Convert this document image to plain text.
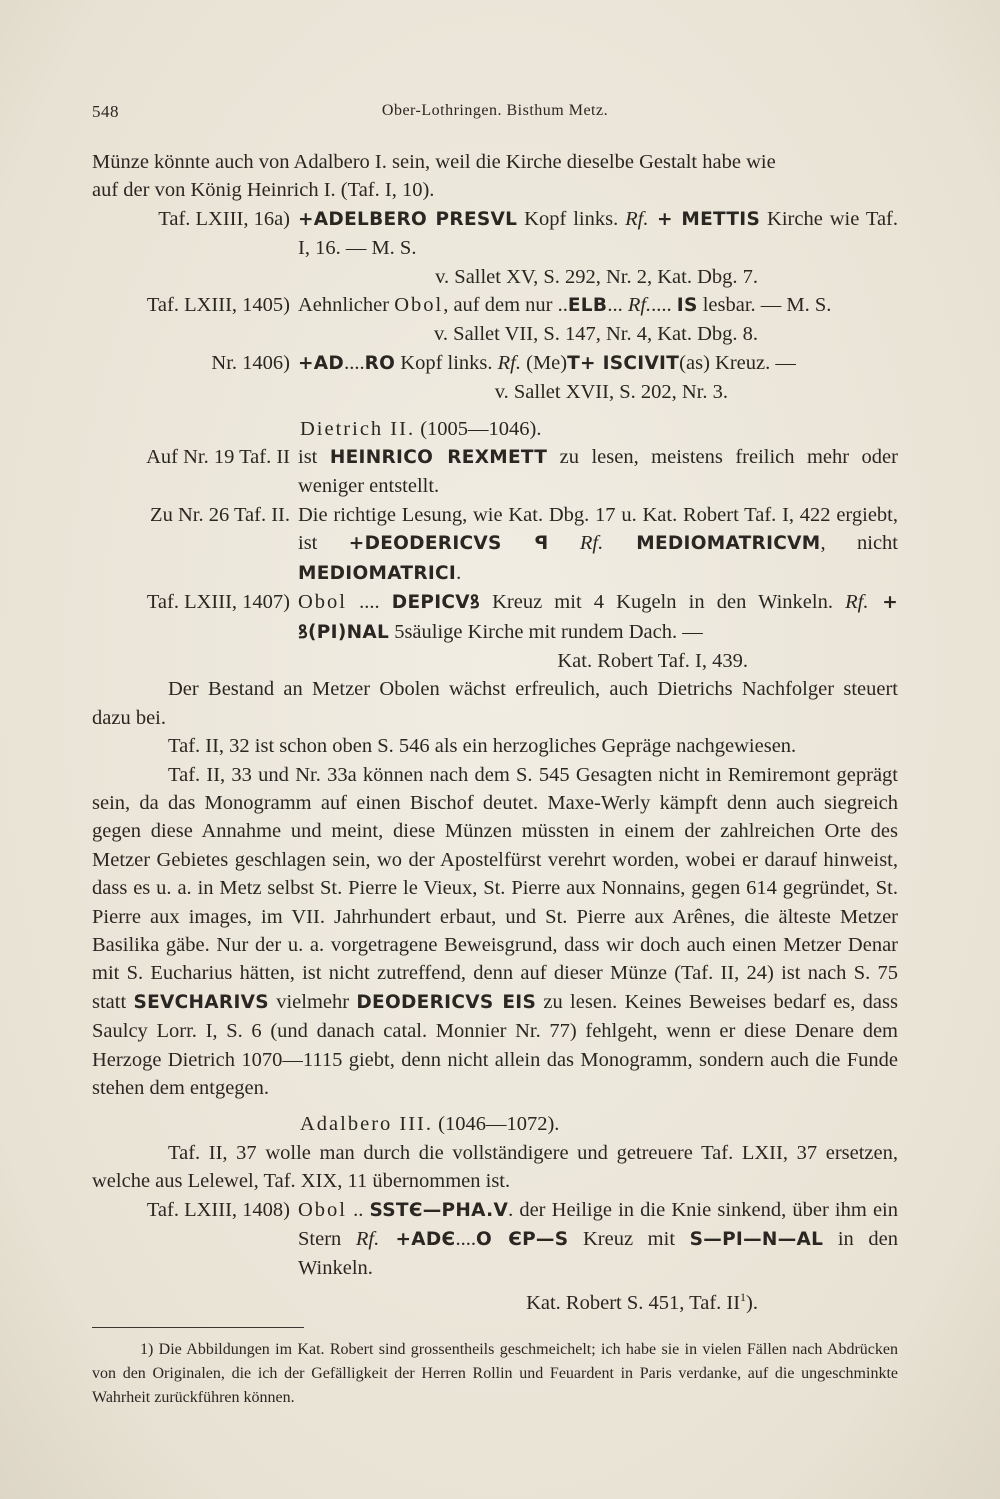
548	Ober-Lothringen. Bisthum Metz.

Münze könnte auch von Adalbero I. sein, weil die Kirche dieselbe Gestalt habe wie
auf der von König Heinrich I. (Taf. I, 10).

Taf. LXIII, 16a) +ADELBERO PRESVL Kopf links. Rf. + METTIS Kirche wie Taf. I, 16. — M. S.
v. Sallet XV, S. 292, Nr. 2, Kat. Dbg. 7.
Taf. LXIII, 1405) Aehnlicher Obol, auf dem nur ..ELB... Rf..... IS lesbar. — M. S.
v. Sallet VII, S. 147, Nr. 4, Kat. Dbg. 8.
Nr. 1406) +AD....RO Kopf links. Rf. (Me)T+ ISCIVIT(as) Kreuz. —
v. Sallet XVII, S. 202, Nr. 3.
Dietrich II. (1005—1046).
Auf Nr. 19 Taf. II ist HEINRICO REXMETT zu lesen, meistens freilich mehr oder weniger entstellt.
Zu Nr. 26 Taf. II. Die richtige Lesung, wie Kat. Dbg. 17 u. Kat. Robert Taf. I, 422 ergiebt, ist +DEODERICVS ꟼ Rf. MEDIOMATRICVM, nicht MEDIOMATRICI.
Taf. LXIII, 1407) Obol .... DEPICVꝸ Kreuz mit 4 Kugeln in den Winkeln. Rf. + ꝸ(PI)NAL 5säulige Kirche mit rundem Dach. —
Kat. Robert Taf. I, 439.

Der Bestand an Metzer Obolen wächst erfreulich, auch Dietrichs Nachfolger steuert dazu bei.

Taf. II, 32 ist schon oben S. 546 als ein herzogliches Gepräge nachgewiesen.

Taf. II, 33 und Nr. 33a können nach dem S. 545 Gesagten nicht in Remiremont geprägt sein, da das Monogramm auf einen Bischof deutet. Maxe-Werly kämpft denn auch siegreich gegen diese Annahme und meint, diese Münzen müssten in einem der zahlreichen Orte des Metzer Gebietes geschlagen sein, wo der Apostelfürst verehrt worden, wobei er darauf hinweist, dass es u. a. in Metz selbst St. Pierre le Vieux, St. Pierre aux Nonnains, gegen 614 gegründet, St. Pierre aux images, im VII. Jahrhundert erbaut, und St. Pierre aux Arênes, die älteste Metzer Basilika gäbe. Nur der u. a. vorgetragene Beweisgrund, dass wir doch auch einen Metzer Denar mit S. Eucharius hätten, ist nicht zutreffend, denn auf dieser Münze (Taf. II, 24) ist nach S. 75 statt SEVCHARIVS vielmehr DEODERICVS EIS zu lesen. Keines Beweises bedarf es, dass Saulcy Lorr. I, S. 6 (und danach catal. Monnier Nr. 77) fehlgeht, wenn er diese Denare dem Herzoge Dietrich 1070—1115 giebt, denn nicht allein das Monogramm, sondern auch die Funde stehen dem entgegen.

Adalbero III. (1046—1072).

Taf. II, 37 wolle man durch die vollständigere und getreuere Taf. LXII, 37 ersetzen, welche aus Lelewel, Taf. XIX, 11 übernommen ist.

Taf. LXIII, 1408) Obol .. SSTЄ—PHA.V. der Heilige in die Knie sinkend, über ihm ein Stern Rf. +ADЄ....O ЄP—S Kreuz mit S—PI—N—AL in den Winkeln.
Kat. Robert S. 451, Taf. $II^1$).

1) Die Abbildungen im Kat. Robert sind grossentheils geschmeichelt; ich habe sie in vielen Fällen nach Abdrücken von den Originalen, die ich der Gefälligkeit der Herren Rollin und Feuardent in Paris verdanke, auf die ungeschminkte Wahrheit zurückführen können.
